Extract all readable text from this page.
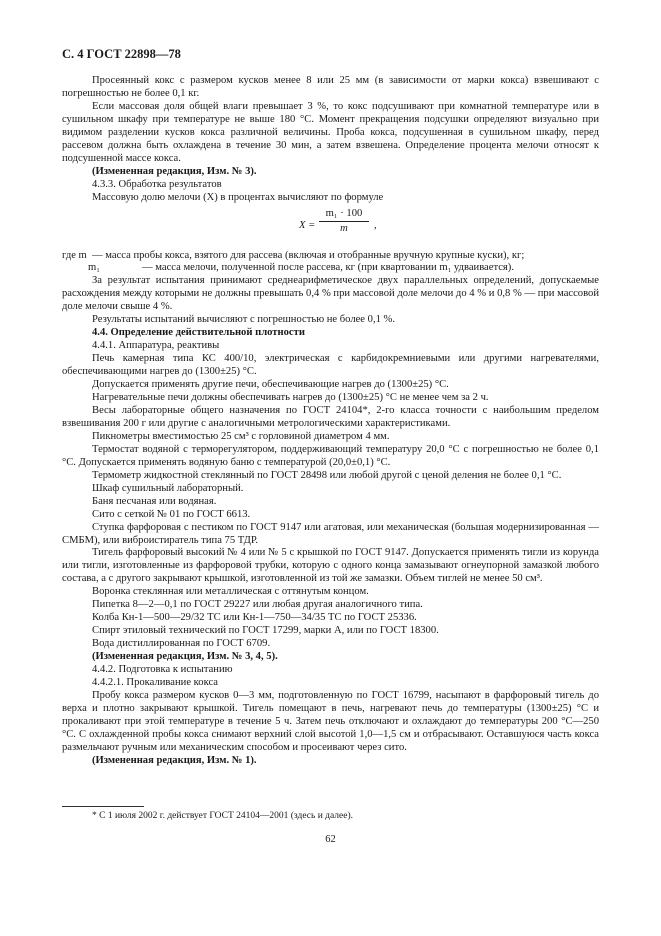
С. 4 ГОСТ 22898—78

Просеянный кокс с размером кусков менее 8 или 25 мм (в зависимости от марки кокса) взвешивают с погрешностью не более 0,1 кг.

Если массовая доля общей влаги превышает 3 %, то кокс подсушивают при комнатной температуре или в сушильном шкафу при температуре не выше 180 °С. Момент прекращения подсушки определяют визуально при видимом разделении кусков кокса различной величины. Проба кокса, подсушенная в сушильном шкафу, перед рассевом должна быть охлаждена в течение 30 мин, а затем взвешена. Определение процента мелочи относят к подсушенной массе кокса.

(Измененная редакция, Изм. № 3).

4.3.3. Обработка результатов

Массовую долю мелочи (X) в процентах вычисляют по формуле

$X = \frac{\text{m₁ · 100}}{m}$ ,
где m — масса пробы кокса, взятого для рассева (включая и отобранные вручную крупные куски), кг;
m₁	— масса мелочи, полученной после рассева, кг (при квартовании m₁ удваивается).

За результат испытания принимают среднеарифметическое двух параллельных определений, допускаемые расхождения между которыми не должны превышать 0,4 % при массовой доле мелочи до 4 % и 0,8 % — при массовой доле мелочи свыше 4 %.

Результаты испытаний вычисляют с погрешностью не более 0,1 %.

4.4. Определение действительной плотности

4.4.1. Аппаратура, реактивы

Печь камерная типа КС 400/10, электрическая с карбидокремниевыми или другими нагревателями, обеспечивающими нагрев до (1300±25) °С.

Допускается применять другие печи, обеспечивающие нагрев до (1300±25) °С.

Нагревательные печи должны обеспечивать нагрев до (1300±25) °С не менее чем за 2 ч.

Весы лабораторные общего назначения по ГОСТ 24104*, 2-го класса точности с наибольшим пределом взвешивания 200 г или другие с аналогичными метрологическими характеристиками.

Пикнометры вместимостью 25 см³ с горловиной диаметром 4 мм.

Термостат водяной с терморегулятором, поддерживающий температуру 20,0 °С с погрешностью не более 0,1 °С. Допускается применять водяную баню с температурой (20,0±0,1) °С.

Термометр жидкостной стеклянный по ГОСТ 28498 или любой другой с ценой деления не более 0,1 °С.

Шкаф сушильный лабораторный.

Баня песчаная или водяная.

Сито с сеткой № 01 по ГОСТ 6613.

Ступка фарфоровая с пестиком по ГОСТ 9147 или агатовая, или механическая (большая модернизированная — СМБМ), или виброистиратель типа 75 ТДР.

Тигель фарфоровый высокий № 4 или № 5 с крышкой по ГОСТ 9147. Допускается применять тигли из корунда или тигли, изготовленные из фарфоровой трубки, которую с одного конца замазывают огнеупорной замазкой любого состава, а с другого закрывают крышкой, изготовленной из той же замазки. Объем тиглей не менее 50 см³.

Воронка стеклянная или металлическая с оттянутым концом.

Пипетка 8—2—0,1 по ГОСТ 29227 или любая другая аналогичного типа.

Колба Кн-1—500—29/32 ТС или Кн-1—750—34/35 ТС по ГОСТ 25336.

Спирт этиловый технический по ГОСТ 17299, марки А, или по ГОСТ 18300.

Вода дистиллированная по ГОСТ 6709.

(Измененная редакция, Изм. № 3, 4, 5).

4.4.2. Подготовка к испытанию

4.4.2.1. Прокаливание кокса

Пробу кокса размером кусков 0—3 мм, подготовленную по ГОСТ 16799, насыпают в фарфоровый тигель до верха и плотно закрывают крышкой. Тигель помещают в печь, нагревают печь до температуры (1300±25) °С и прокаливают при этой температуре в течение 5 ч. Затем печь отключают и охлаждают до температуры 200 °С—250 °С. С охлажденной пробы кокса снимают верхний слой высотой 1,0—1,5 см и отбрасывают. Оставшуюся часть кокса размельчают ручным или механическим способом и просеивают через сито.

(Измененная редакция, Изм. № 1).

* С 1 июля 2002 г. действует ГОСТ 24104—2001 (здесь и далее).
62
